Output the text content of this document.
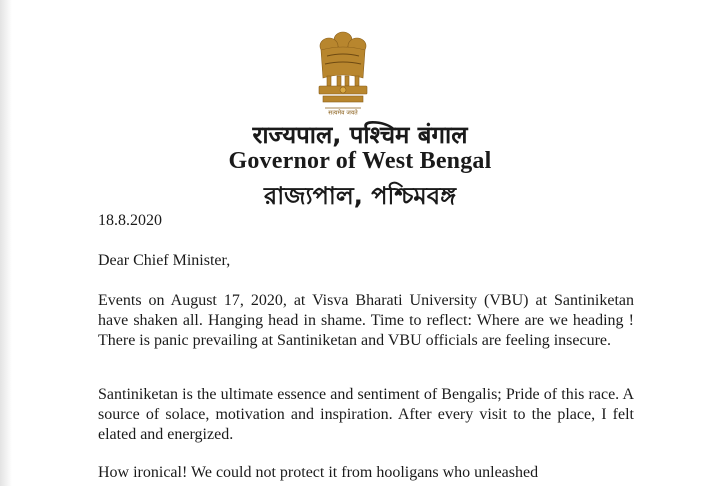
सत्यमेव जयते
राज्यपाल, पश्चिम बंगाल
Governor of West Bengal
রাজ্যপাল, পশ্চিমবঙ্গ
18.8.2020
Dear Chief Minister,

Events on August 17, 2020, at Visva Bharati University (VBU) at Santiniketan have shaken all. Hanging head in shame. Time to reflect: Where are we heading ! There is panic prevailing at Santiniketan and VBU officials are feeling insecure.

Santiniketan is the ultimate essence and sentiment of Bengalis; Pride of this race. A source of solace, motivation and inspiration. After every visit to the place, I felt elated and energized.

How ironical! We could not protect it from hooligans who unleashed
